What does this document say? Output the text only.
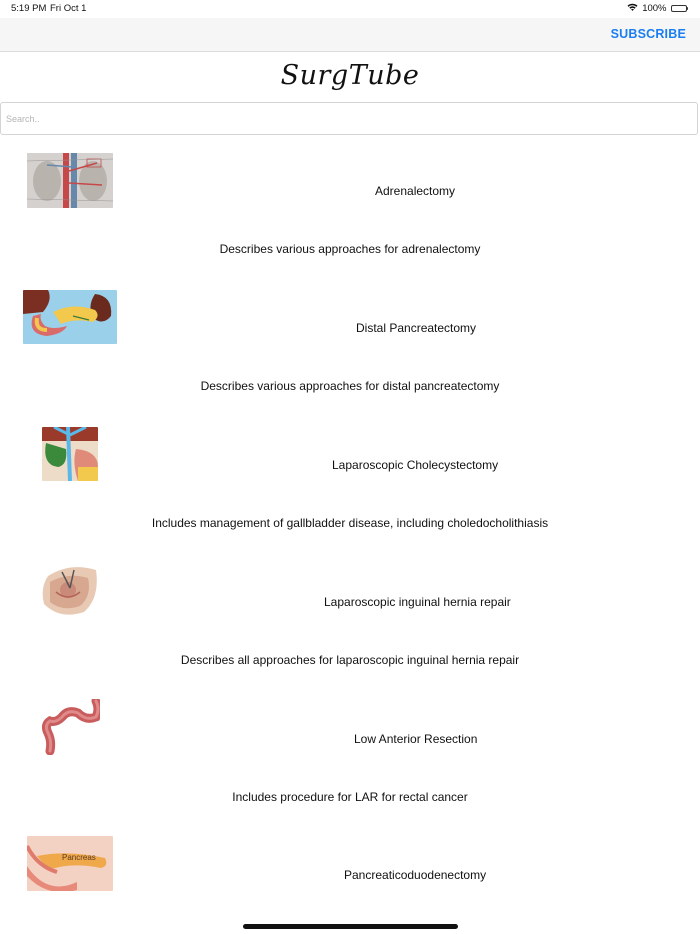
5:19 PM Fri Oct 1	100%
SUBSCRIBE
SurgTube
Search..
Adrenalectomy
Describes various approaches for adrenalectomy
Distal Pancreatectomy
Describes various approaches for distal pancreatectomy
Laparoscopic Cholecystectomy
Includes management of gallbladder disease, including choledocholithiasis
Laparoscopic inguinal hernia repair
Describes all approaches for laparoscopic inguinal hernia repair
Low Anterior Resection
Includes procedure for LAR for rectal cancer
Pancreas
Pancreaticoduodenectomy
